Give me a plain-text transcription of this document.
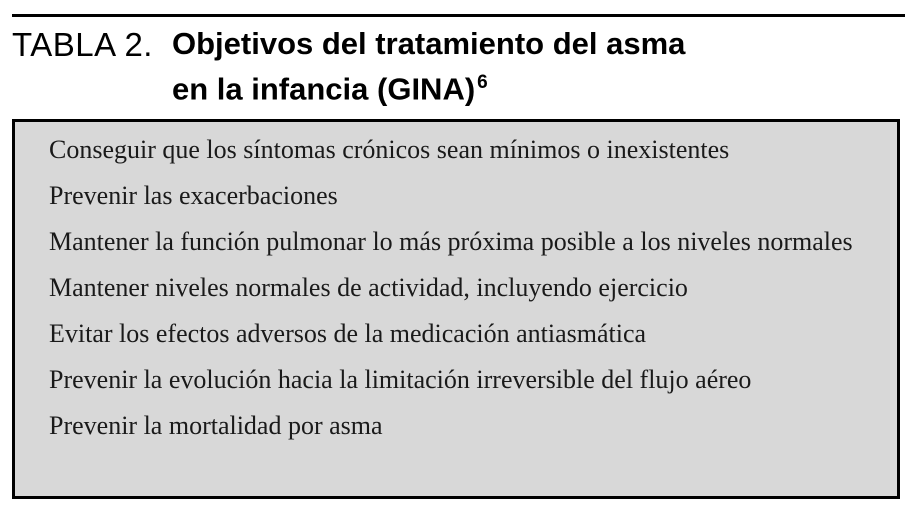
TABLA 2. Objetivos del tratamiento del asma
en la infancia (GINA) $^6$
Conseguir que los síntomas crónicos sean mínimos o inexistentes
Prevenir las exacerbaciones
Mantener la función pulmonar lo más próxima posible a los niveles normales
Mantener niveles normales de actividad, incluyendo ejercicio
Evitar los efectos adversos de la medicación antiasmática
Prevenir la evolución hacia la limitación irreversible del flujo aéreo
Prevenir la mortalidad por asma
